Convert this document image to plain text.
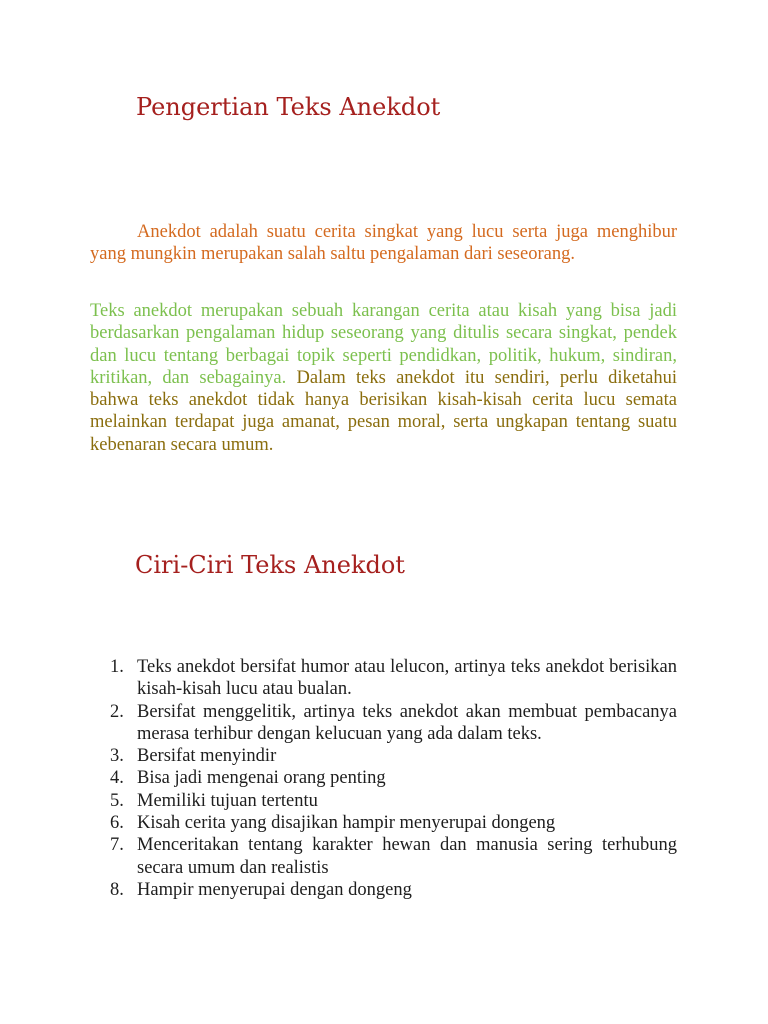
Pengertian Teks Anekdot

Anekdot adalah suatu cerita singkat yang lucu serta juga menghibur yang mungkin merupakan salah saltu pengalaman dari seseorang.

Teks anekdot merupakan sebuah karangan cerita atau kisah yang bisa jadi berdasarkan pengalaman hidup seseorang yang ditulis secara singkat, pendek dan lucu tentang berbagai topik seperti pendidkan, politik, hukum, sindiran, kritikan, dan sebagainya. Dalam teks anekdot itu sendiri, perlu diketahui bahwa teks anekdot tidak hanya berisikan kisah-kisah cerita lucu semata melainkan terdapat juga amanat, pesan moral, serta ungkapan tentang suatu kebenaran secara umum.

Ciri-Ciri Teks Anekdot
1. Teks anekdot bersifat humor atau lelucon, artinya teks anekdot berisikan kisah-kisah lucu atau bualan.
2. Bersifat menggelitik, artinya teks anekdot akan membuat pembacanya merasa terhibur dengan kelucuan yang ada dalam teks.
3. Bersifat menyindir
4. Bisa jadi mengenai orang penting
5. Memiliki tujuan tertentu
6. Kisah cerita yang disajikan hampir menyerupai dongeng
7. Menceritakan tentang karakter hewan dan manusia sering terhubung secara umum dan realistis
8. Hampir menyerupai dengan dongeng
